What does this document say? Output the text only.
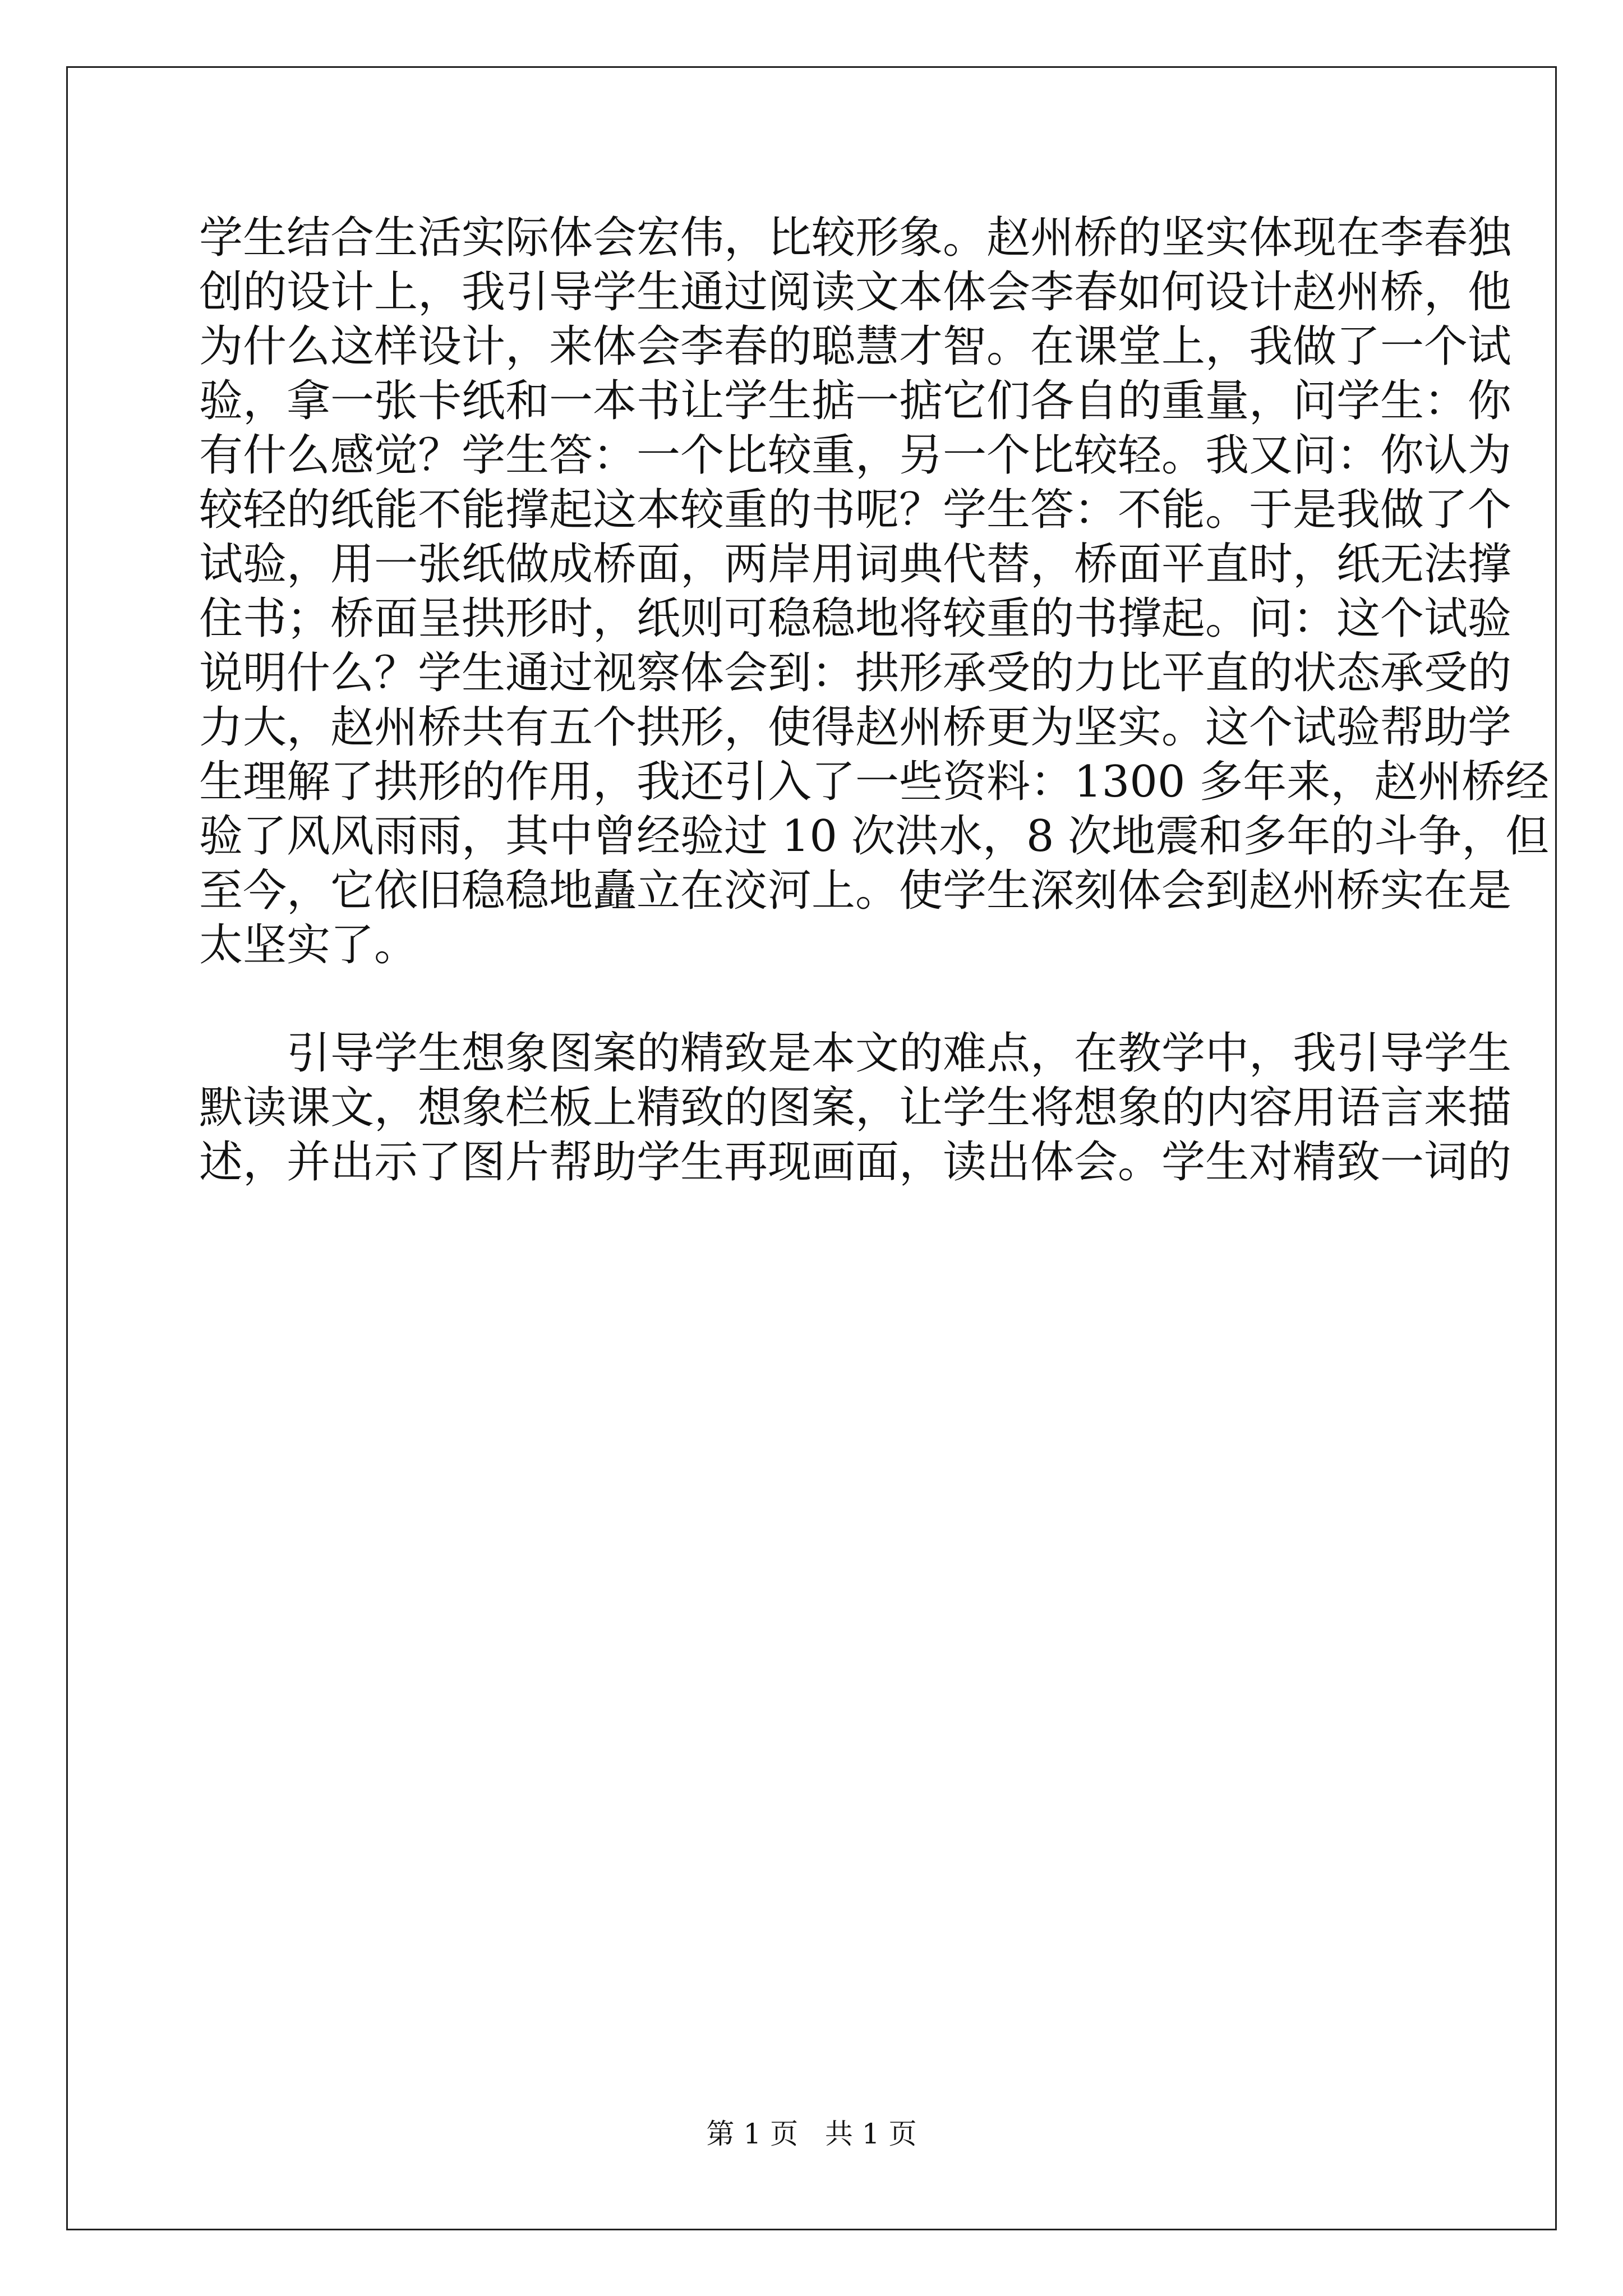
学生结合生活实际体会宏伟，比较形象。赵州桥的坚实体现在李春独

创的设计上，我引导学生通过阅读文本体会李春如何设计赵州桥，他

为什么这样设计，来体会李春的聪慧才智。在课堂上，我做了一个试

验，拿一张卡纸和一本书让学生掂一掂它们各自的重量，问学生：你

有什么感觉？学生答：一个比较重，另一个比较轻。我又问：你认为

较轻的纸能不能撑起这本较重的书呢？学生答：不能。于是我做了个

试验，用一张纸做成桥面，两岸用词典代替，桥面平直时，纸无法撑

住书；桥面呈拱形时，纸则可稳稳地将较重的书撑起。问：这个试验

说明什么？学生通过视察体会到：拱形承受的力比平直的状态承受的

力大，赵州桥共有五个拱形，使得赵州桥更为坚实。这个试验帮助学

生理解了拱形的作用，我还引入了一些资料：1300 多年来，赵州桥经

验了风风雨雨，其中曾经验过 10 次洪水，8 次地震和多年的斗争，但

至今，它依旧稳稳地矗立在洨河上。使学生深刻体会到赵州桥实在是

太坚实了。

引导学生想象图案的精致是本文的难点，在教学中，我引导学生

默读课文，想象栏板上精致的图案，让学生将想象的内容用语言来描

述，并出示了图片帮助学生再现画面，读出体会。学生对精致一词的

第 1 页 共 1 页
